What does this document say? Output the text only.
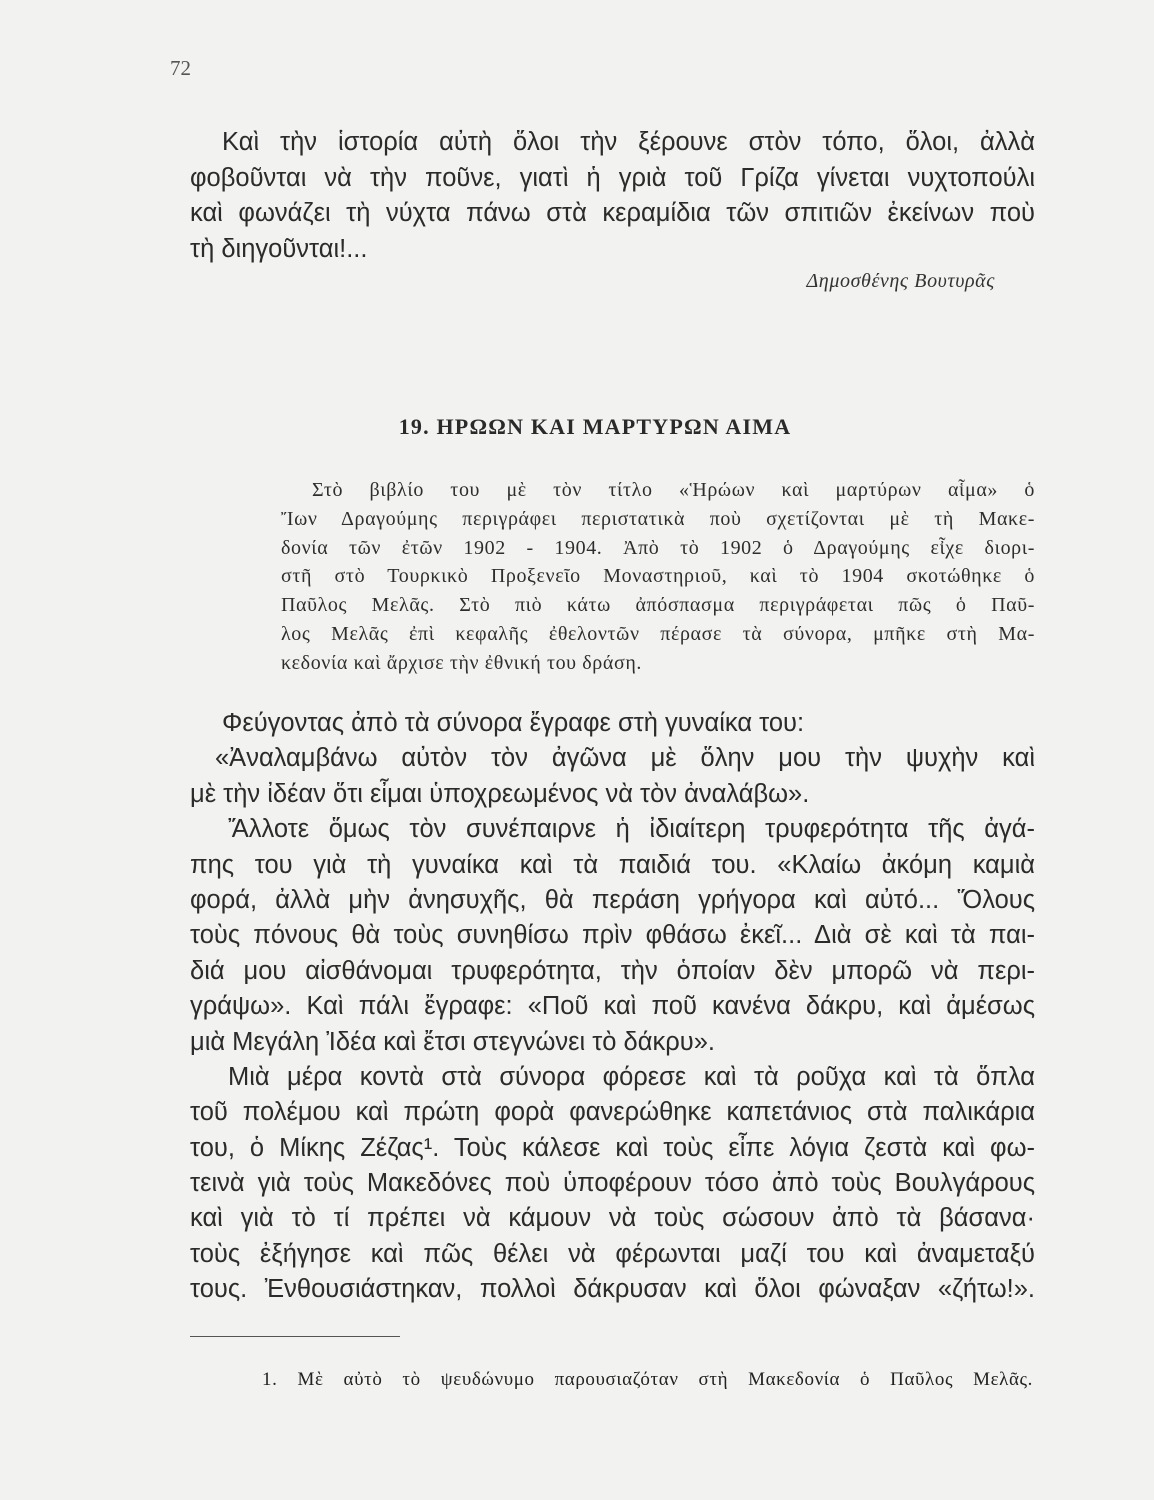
72
Καὶ τὴν ἱστορία αὐτὴ ὅλοι τὴν ξέρουνε στὸν τόπο, ὅλοι, ἀλλὰ
φοβοῦνται νὰ τὴν ποῦνε, γιατὶ ἡ γριὰ τοῦ Γρίζα γίνεται νυχτοπούλι
καὶ φωνάζει τὴ νύχτα πάνω στὰ κεραμίδια τῶν σπιτιῶν ἐκείνων ποὺ
τὴ διηγοῦνται!...
Δημοσθένης Βουτυρᾶς
19. ΗΡΩΩΝ ΚΑΙ ΜΑΡΤΥΡΩΝ ΑΙΜΑ
Στὸ βιβλίο του μὲ τὸν τίτλο «Ἡρώων καὶ μαρτύρων αἷμα» ὁ
Ἴων Δραγούμης περιγράφει περιστατικὰ ποὺ σχετίζονται μὲ τὴ Μακε-
δονία τῶν ἐτῶν 1902 - 1904. Ἀπὸ τὸ 1902 ὁ Δραγούμης εἶχε διορι-
στῆ στὸ Τουρκικὸ Προξενεῖο Μοναστηριοῦ, καὶ τὸ 1904 σκοτώθηκε ὁ
Παῦλος Μελᾶς. Στὸ πιὸ κάτω ἀπόσπασμα περιγράφεται πῶς ὁ Παῦ-
λος Μελᾶς ἐπὶ κεφαλῆς ἐθελοντῶν πέρασε τὰ σύνορα, μπῆκε στὴ Μα-
κεδονία καὶ ἄρχισε τὴν ἐθνική του δράση.
Φεύγοντας ἀπὸ τὰ σύνορα ἔγραφε στὴ γυναίκα του:
«Ἀναλαμβάνω αὐτὸν τὸν ἀγῶνα μὲ ὅλην μου τὴν ψυχὴν καὶ
μὲ τὴν ἰδέαν ὅτι εἶμαι ὑποχρεωμένος νὰ τὸν ἀναλάβω».
Ἄλλοτε ὅμως τὸν συνέπαιρνε ἡ ἰδιαίτερη τρυφερότητα τῆς ἀγά-
πης του γιὰ τὴ γυναίκα καὶ τὰ παιδιά του. «Κλαίω ἀκόμη καμιὰ
φορά, ἀλλὰ μὴν ἀνησυχῆς, θὰ περάση γρήγορα καὶ αὐτό... Ὅλους
τοὺς πόνους θὰ τοὺς συνηθίσω πρὶν φθάσω ἐκεῖ... Διὰ σὲ καὶ τὰ παι-
διά μου αἰσθάνομαι τρυφερότητα, τὴν ὁποίαν δὲν μπορῶ νὰ περι-
γράψω». Καὶ πάλι ἔγραφε: «Ποῦ καὶ ποῦ κανένα δάκρυ, καὶ ἀμέσως
μιὰ Μεγάλη Ἰδέα καὶ ἔτσι στεγνώνει τὸ δάκρυ».
Μιὰ μέρα κοντὰ στὰ σύνορα φόρεσε καὶ τὰ ροῦχα καὶ τὰ ὅπλα
τοῦ πολέμου καὶ πρώτη φορὰ φανερώθηκε καπετάνιος στὰ παλικάρια
του, ὁ Μίκης Ζέζας¹. Τοὺς κάλεσε καὶ τοὺς εἶπε λόγια ζεστὰ καὶ φω-
τεινὰ γιὰ τοὺς Μακεδόνες ποὺ ὑποφέρουν τόσο ἀπὸ τοὺς Βουλγάρους
καὶ γιὰ τὸ τί πρέπει νὰ κάμουν νὰ τοὺς σώσουν ἀπὸ τὰ βάσανα·
τοὺς ἐξήγησε καὶ πῶς θέλει νὰ φέρωνται μαζί του καὶ ἀναμεταξύ
τους. Ἐνθουσιάστηκαν, πολλοὶ δάκρυσαν καὶ ὅλοι φώναξαν «ζήτω!».
1. Μὲ αὐτὸ τὸ ψευδώνυμο παρουσιαζόταν στὴ Μακεδονία ὁ Παῦλος Μελᾶς.
